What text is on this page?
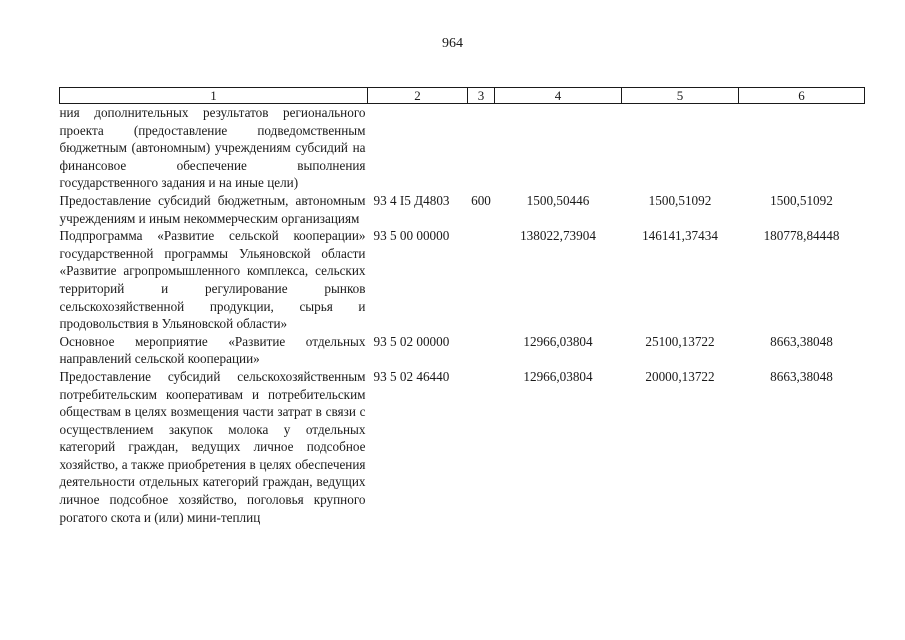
964
1	2	3	4	5	6
ния дополнительных результатов регионального проекта (предоставление подведомственным бюджетным (автономным) учреждениям субсидий на финансовое обеспечение выполнения государственного задания и на иные цели)					
Предоставление субсидий бюджетным, автономным учреждениям и иным некоммерческим организациям	93 4 I5 Д4803	600	1500,50446	1500,51092	1500,51092
Подпрограмма «Развитие сельской кооперации» государственной программы Ульяновской области «Развитие агропромышленного комплекса, сельских территорий и регулирование рынков сельскохозяйственной продукции, сырья и продовольствия в Ульяновской области»	93 5 00 00000		138022,73904	146141,37434	180778,84448
Основное мероприятие «Развитие отдельных направлений сельской кооперации»	93 5 02 00000		12966,03804	25100,13722	8663,38048
Предоставление субсидий сельскохозяйственным потребительским кооперативам и потребительским обществам в целях возмещения части затрат в связи с осуществлением закупок молока у отдельных категорий граждан, ведущих личное подсобное хозяйство, а также приобретения в целях обеспечения деятельности отдельных категорий граждан, ведущих личное подсобное хозяйство, поголовья крупного рогатого скота и (или) мини-теплиц	93 5 02 46440		12966,03804	20000,13722	8663,38048
